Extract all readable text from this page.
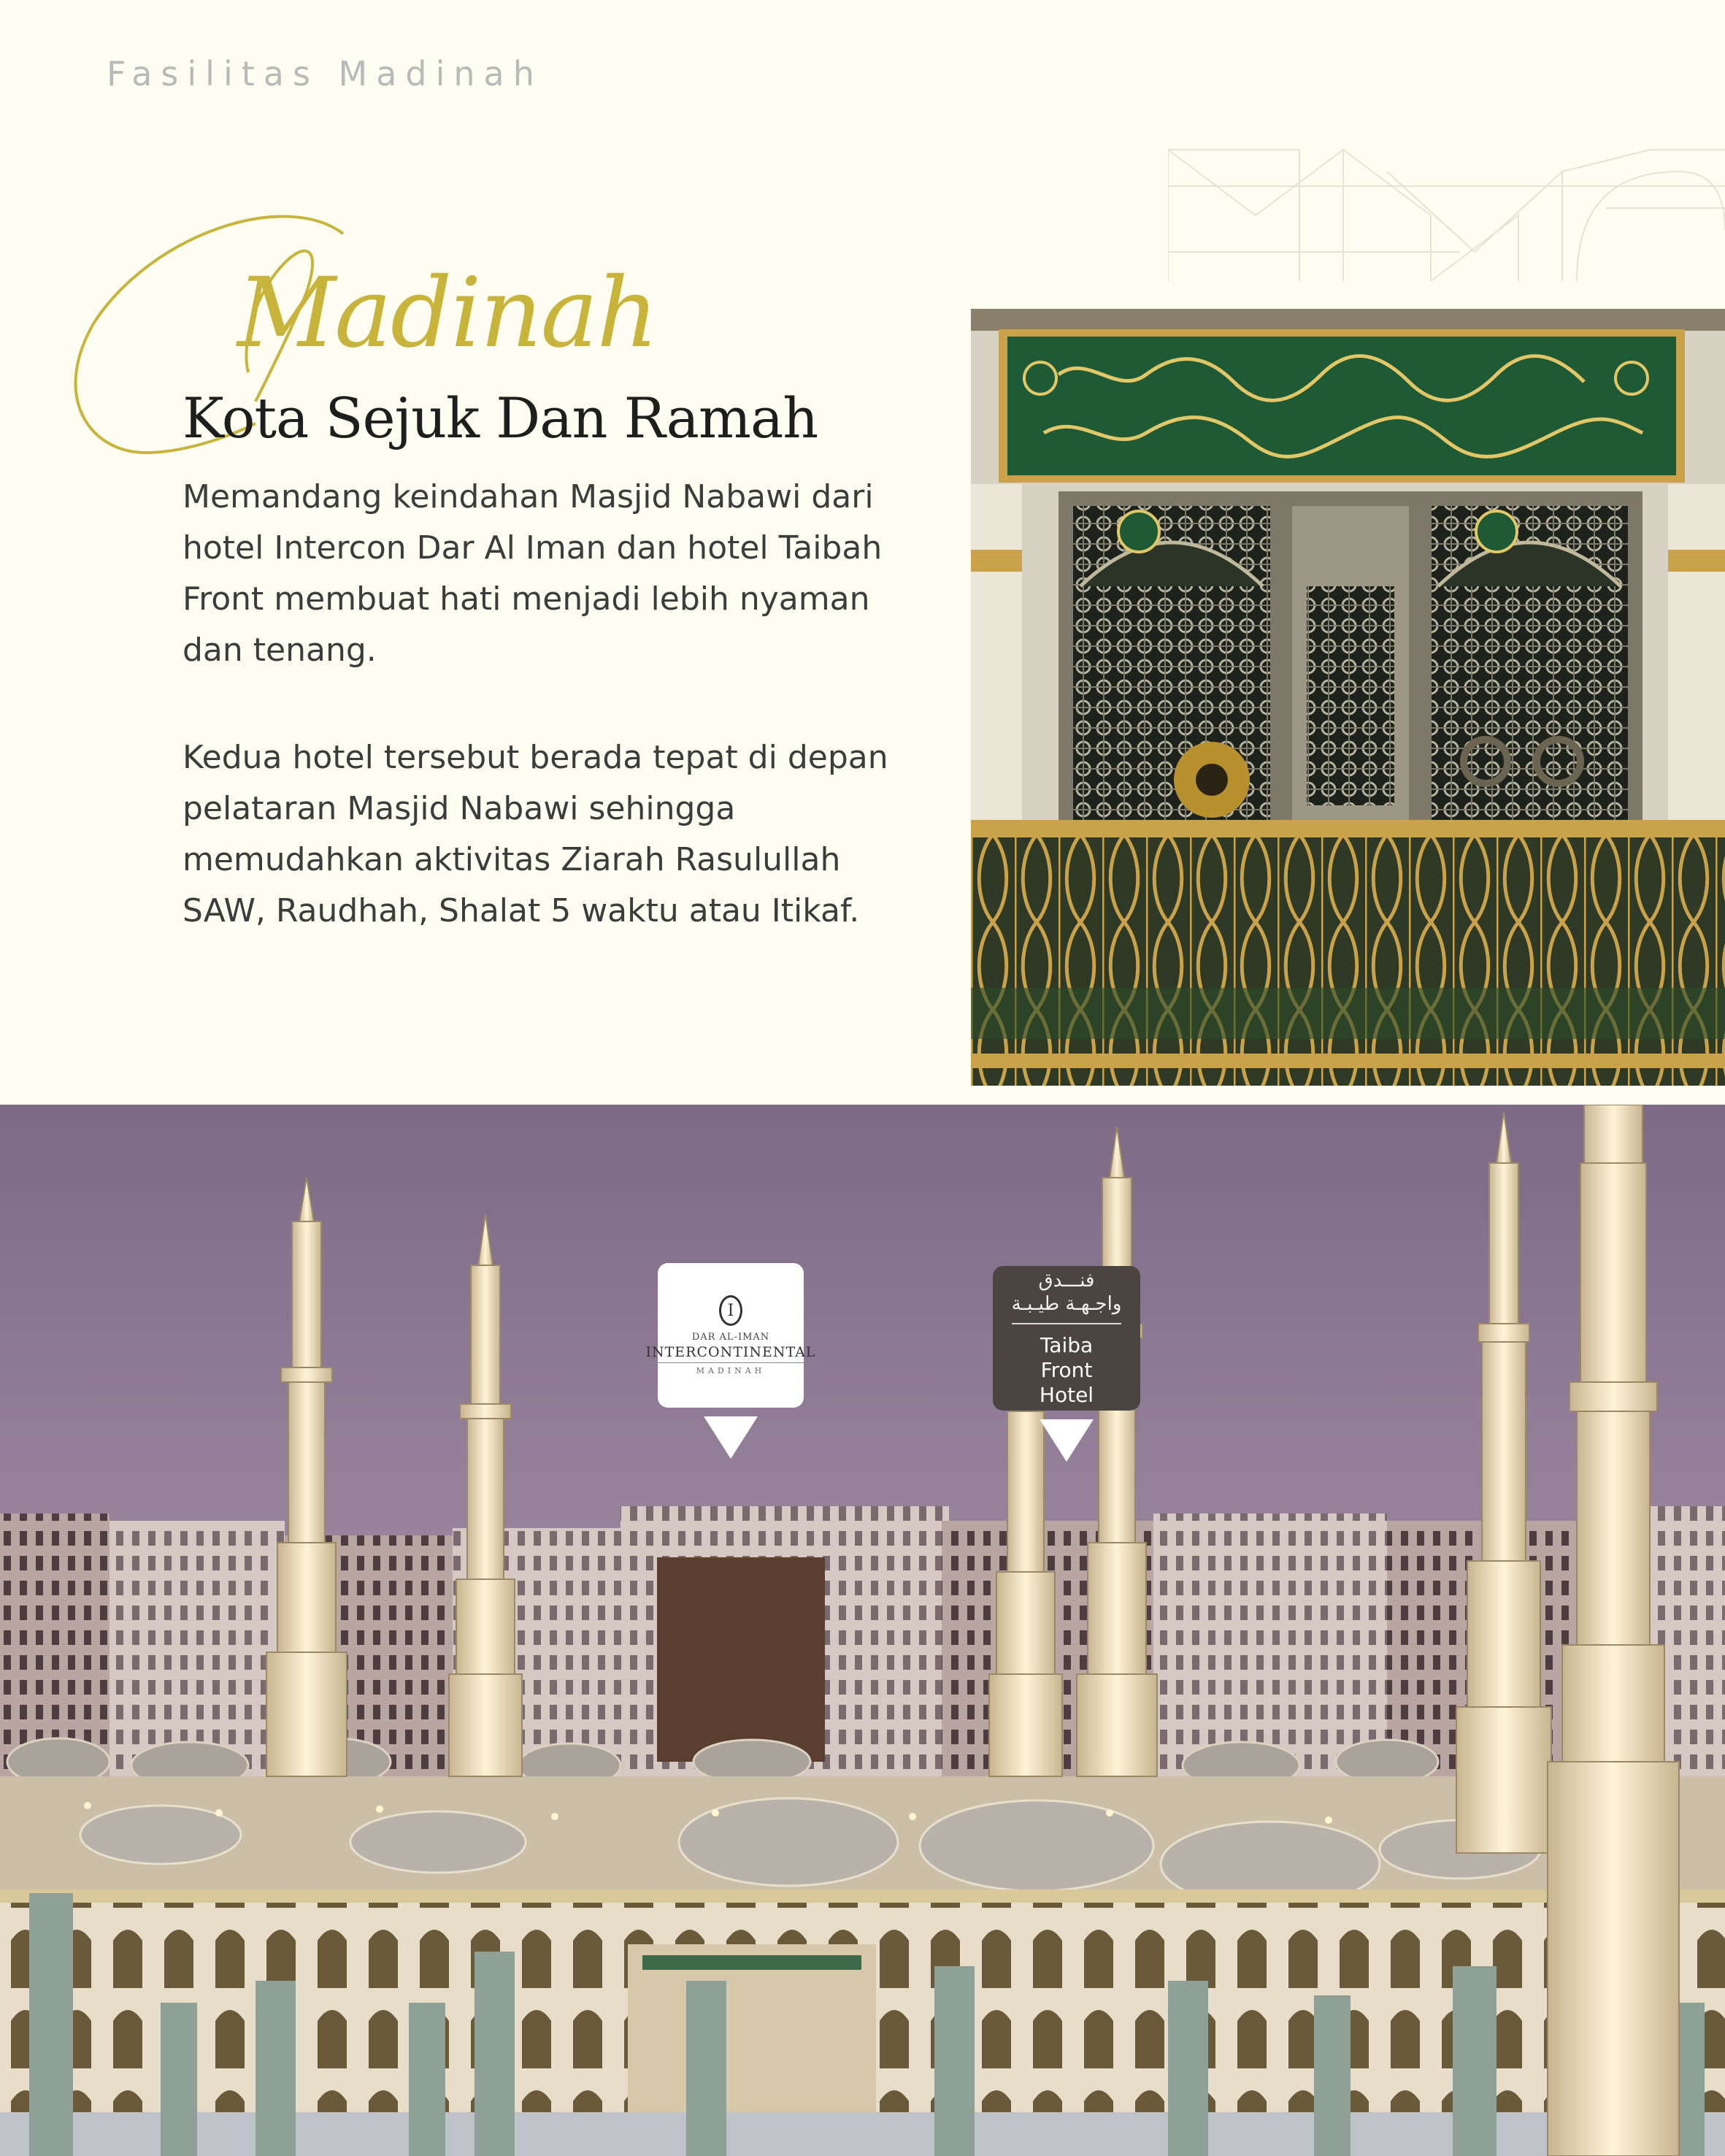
Fasilitas Madinah
Madinah
Kota Sejuk Dan Ramah

Memandang keindahan Masjid Nabawi dari hotel Intercon Dar Al Iman dan hotel Taibah Front membuat hati menjadi lebih nyaman dan tenang.

Kedua hotel tersebut berada tepat di depan pelataran Masjid Nabawi sehingga memudahkan aktivitas Ziarah Rasulullah SAW, Raudhah, Shalat 5 waktu atau Itikaf.

I
DAR AL-IMAN
INTERCONTINENTAL
MADINAH
فنـــدق
واجـهـة طيـبـة
Taiba Front Hotel
